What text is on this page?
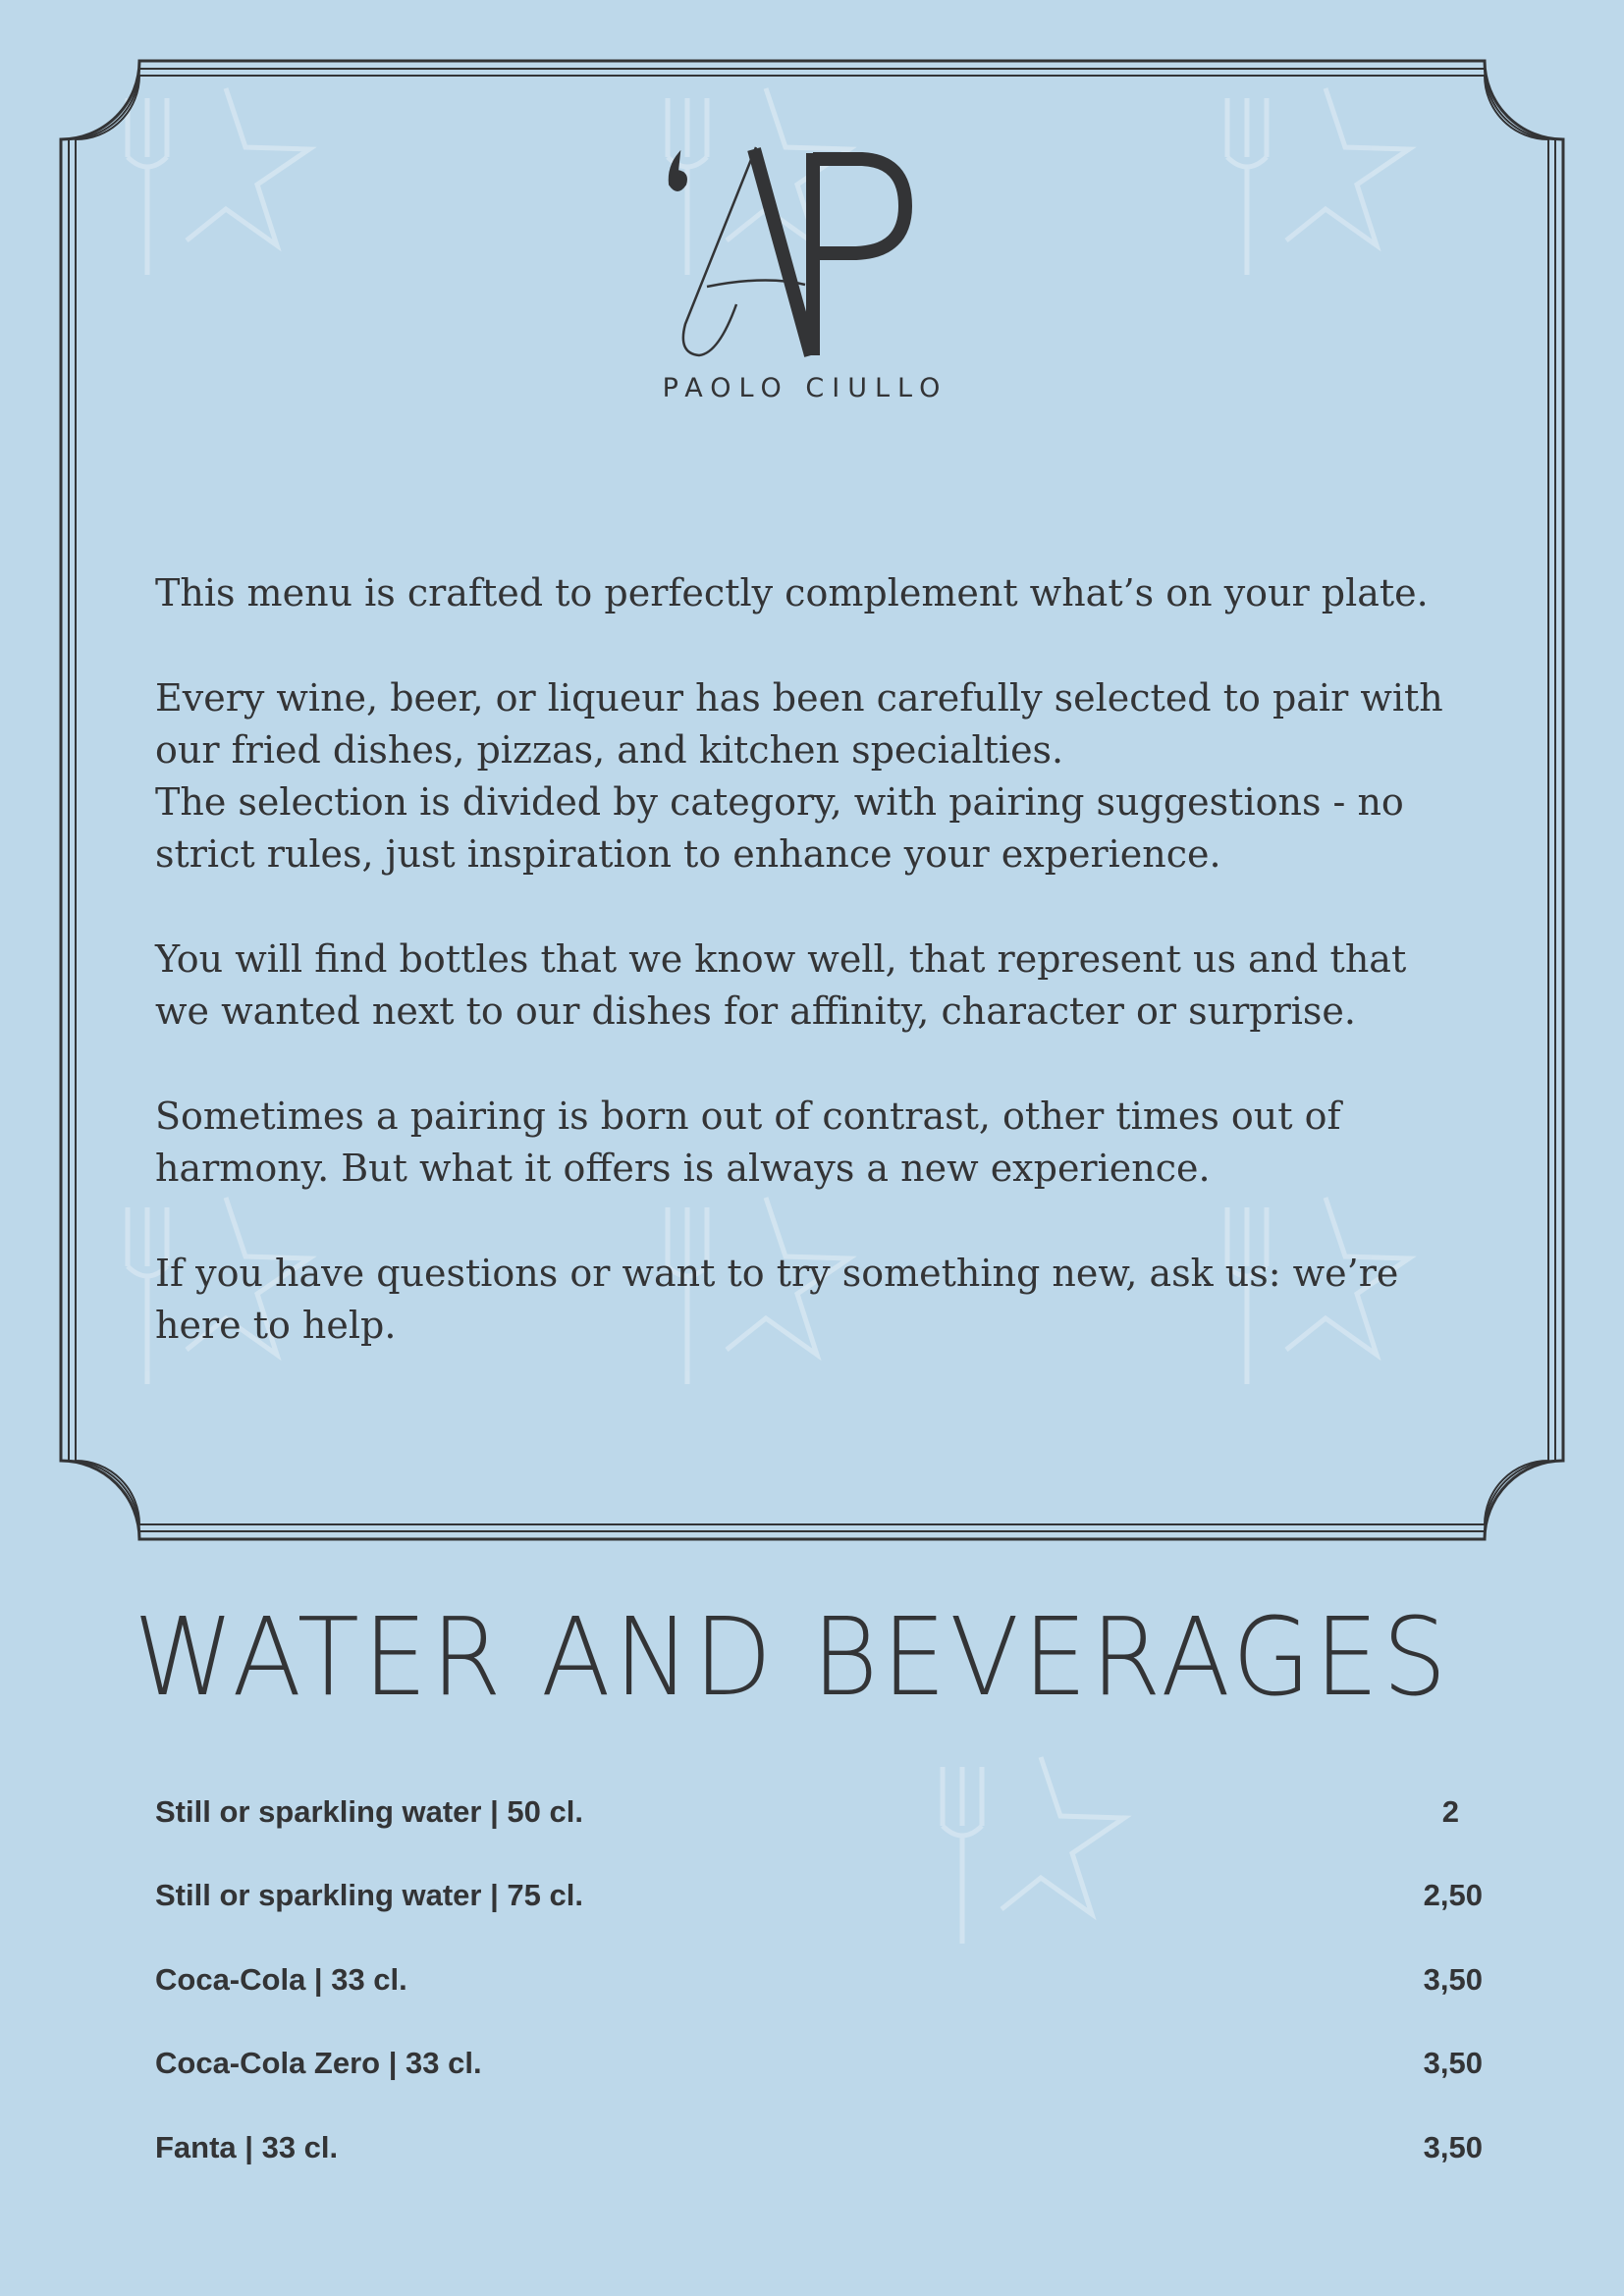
PAOLO CIULLO

This menu is crafted to perfectly complement what’s on your plate.

Every wine, beer, or liqueur has been carefully selected to pair with our fried dishes, pizzas, and kitchen specialties.

The selection is divided by category, with pairing suggestions - no strict rules, just inspiration to enhance your experience.

You will find bottles that we know well, that represent us and that we wanted next to our dishes for affinity, character or surprise.

Sometimes a pairing is born out of contrast, other times out of harmony. But what it offers is always a new experience.

If you have questions or want to try something new, ask us: we’re here to help.

WATER AND BEVERAGES
Still or sparkling water | 50 cl.	2
Still or sparkling water | 75 cl.	2,50
Coca-Cola | 33 cl.	3,50
Coca-Cola Zero | 33 cl.	3,50
Fanta | 33 cl.	3,50
